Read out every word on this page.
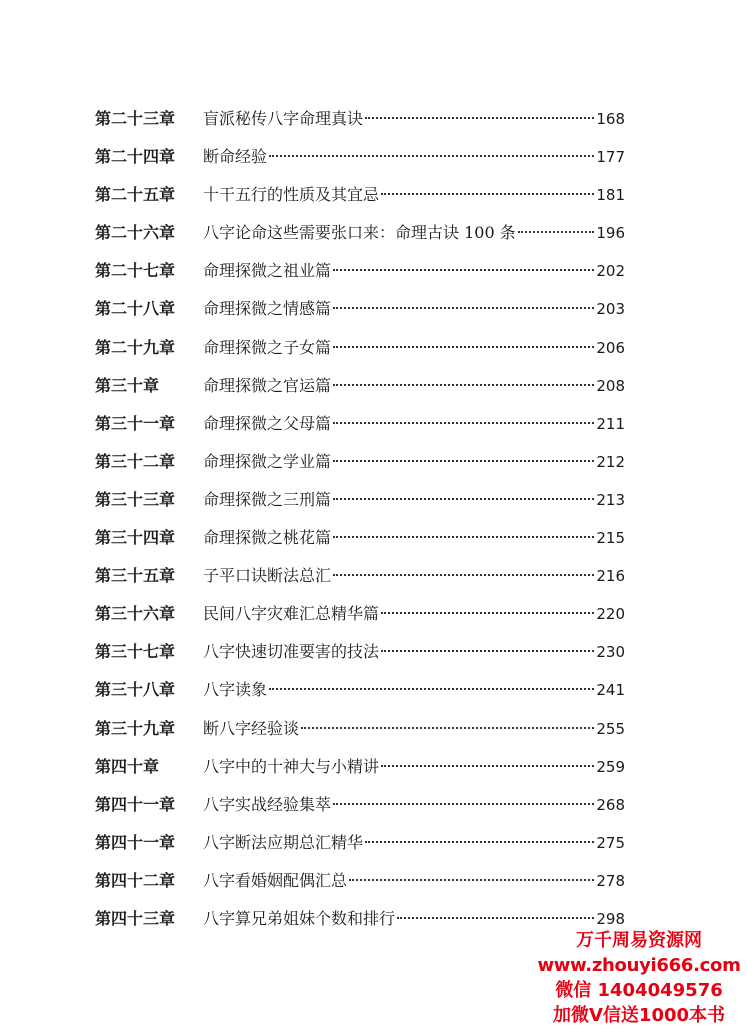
第二十三章	盲派秘传八字命理真诀	168
第二十四章	断命经验	177
第二十五章	十干五行的性质及其宜忌	181
第二十六章	八字论命这些需要张口来：命理古诀 100 条	196
第二十七章	命理探微之祖业篇	202
第二十八章	命理探微之情感篇	203
第二十九章	命理探微之子女篇	206
第三十章	命理探微之官运篇	208
第三十一章	命理探微之父母篇	211
第三十二章	命理探微之学业篇	212
第三十三章	命理探微之三刑篇	213
第三十四章	命理探微之桃花篇	215
第三十五章	子平口诀断法总汇	216
第三十六章	民间八字灾难汇总精华篇	220
第三十七章	八字快速切准要害的技法	230
第三十八章	八字读象	241
第三十九章	断八字经验谈	255
第四十章	八字中的十神大与小精讲	259
第四十一章	八字实战经验集萃	268
第四十一章	八字断法应期总汇精华	275
第四十二章	八字看婚姻配偶汇总	278
第四十三章	八字算兄弟姐妹个数和排行	298
万千周易资源网
www.zhouyi666.com
微信 1404049576
加微V信送1000本书
